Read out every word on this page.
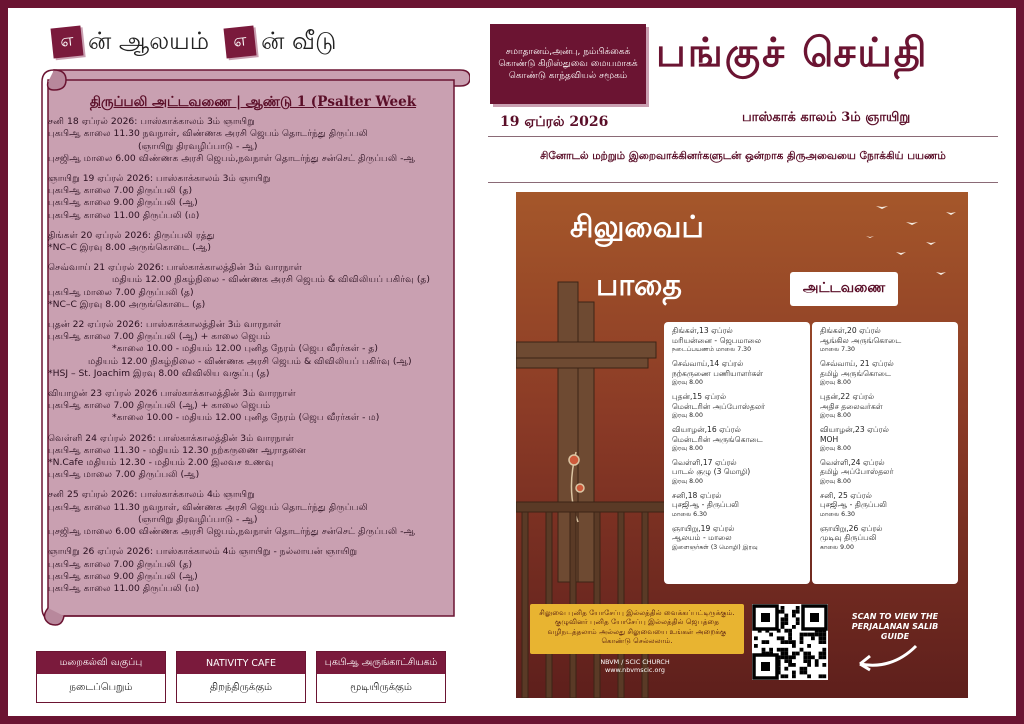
எ ன் ஆலயம்	எ ன் வீடு
திருப்பலி அட்டவணை | ஆண்டு 1 (Psalter Week
சனி 18 ஏப்ரல் 2026: பாஸ்காக்காலம் 3ம் ஞாயிறு
புகபிஆ காலை 11.30 நவநாள், விண்ணக அரசி ஜெபம் தொடர்ந்து திருப்பலி
(ஞாயிறு திரவழிப்பாடு - ஆ)
புசஜிஆ மாலை 6.00 விண்ணக அரசி ஜெபம்,நவநாள் தொடர்ந்து சன்செட் திருப்பலி -ஆ
ஞாயிறு 19 ஏப்ரல் 2026: பாஸ்காக்காலம் 3ம் ஞாயிறு
புகபிஆ காலை 7.00 திருப்பலி (த)
புகபிஆ காலை 9.00 திருப்பலி (ஆ)
புகபிஆ காலை 11.00 திருப்பலி (ம)
திங்கள் 20 ஏப்ரல் 2026: திருப்பலி ரத்து
*NC–C இரவு 8.00 அருங்கொடை (ஆ)
செவ்வாய் 21 ஏப்ரல் 2026: பாஸ்காக்காலத்தின் 3ம் வாரநாள்
மதியம் 12.00 நிகழ்நிலை - விண்ணக அரசி ஜெபம் & விவிலியப் பகிர்வு (த)
புகபிஆ மாலை 7.00 திருப்பலி (த)
*NC–C இரவு 8.00 அருங்கொடை (த)
புதன் 22 ஏப்ரல் 2026: பாஸ்காக்காலத்தின் 3ம் வாரநாள்
புகபிஆ காலை 7.00 திருப்பலி (ஆ) + காலை ஜெபம்
*காலை 10.00 - மதியம் 12.00 புனித நேரம் (ஜெப வீரர்கள் - த)
மதியம் 12.00 நிகழ்நிலை - விண்ணக அரசி ஜெபம் & விவிலியப் பகிர்வு (ஆ)
*HSJ – St. Joachim இரவு 8.00 விவிலிய வகுப்பு (த)
வியாழன் 23 ஏப்ரல் 2026 பாஸ்காக்காலத்தின் 3ம் வாரநாள்
புகபிஆ காலை 7.00 திருப்பலி (ஆ) + காலை ஜெபம்
*காலை 10.00 - மதியம் 12.00 புனித நேரம் (ஜெப வீரர்கள் - ம)
வெள்ளி 24 ஏப்ரல் 2026: பாஸ்காக்காலத்தின் 3ம் வாரநாள்
புகபிஆ காலை 11.30 - மதியம் 12.30 நற்கருணை ஆராதனை
*N.Cafe மதியம் 12.30 - மதியம் 2.00 இலவச உணவு
புகபிஆ மாலை 7.00 திருப்பலி (ஆ)
சனி 25 ஏப்ரல் 2026: பாஸ்காக்காலம் 4ம் ஞாயிறு
புகபிஆ காலை 11.30 நவநாள், விண்ணக அரசி ஜெபம் தொடர்ந்து திருப்பலி
(ஞாயிறு திரவழிப்பாடு - ஆ)
புசஜிஆ மாலை 6.00 விண்ணக அரசி ஜெபம்,நவநாள் தொடர்ந்து சன்செட் திருப்பலி -ஆ
ஞாயிறு 26 ஏப்ரல் 2026: பாஸ்காக்காலம் 4ம் ஞாயிறு - நல்லாயன் ஞாயிறு
புகபிஆ காலை 7.00 திருப்பலி (த)
புகபிஆ காலை 9.00 திருப்பலி (ஆ)
புகபிஆ காலை 11.00 திருப்பலி (ம)
மறைகல்வி வகுப்பு
நடைப்பெறும்
NATIVITY CAFE
திறந்திருக்கும்
புகபிஆ அருங்காட்சியகம்
மூடியிருக்கும்
சமாதானம்,அன்பு, நம்பிக்கைக் கொண்டு கிறிஸ்துவை மையமாகக் கொண்டு காந்தவியல் சமூகம் பங்குச் செய்தி
19 ஏப்ரல் 2026	பாஸ்காக் காலம் 3ம் ஞாயிறு
சினோடல் மற்றும் இறைவாக்கினர்களுடன் ஒன்றாக திருஅவையை நோக்கிய் பயணம்
சிலுவைப்
பாதை	அட்டவணை
திங்கள்,13 ஏப்ரல்
மரியன்னை - ஜெபமாலை
நடைப்பயணம் மாலை 7.30
செவ்வாய்,14 ஏப்ரல்
நற்கருணை பணியாளர்கள்
இரவு 8.00
புதன்,15 ஏப்ரல்
மென்டரின் அப்போஸ்தலர்
இரவு 8.00
வியாழன்,16 ஏப்ரல்
மென்டரின் அருங்கொடை
இரவு 8.00
வெள்ளி,17 ஏப்ரல்
பாடல் குழு (3 மொழி)
இரவு 8.00
சனி,18 ஏப்ரல்
புசஜிஆ - திருப்பலி
மாலை 6.30
ஞாயிறு,19 ஏப்ரல்
ஆலயம் - மாலை
இளைஞர்கள் (3 மொழி) இரவு
திங்கள்,20 ஏப்ரல்
ஆங்கில அருங்கொடை
மாலை 7.30
செவ்வாய், 21 ஏப்ரல்
தமிழ் அருங்கொடை
இரவு 8.00
புதன்,22 ஏப்ரல்
அதிச தலைவர்கள்
இரவு 8.00
வியாழன்,23 ஏப்ரல்
MOH
இரவு 8.00
வெள்ளி,24 ஏப்ரல்
தமிழ் அப்போஸ்தலர்
இரவு 8.00
சனி, 25 ஏப்ரல்
புசஜிஆ - திருப்பலி
மாலை 6.30
ஞாயிறு,26 ஏப்ரல்
முடிவு திருப்பலி
காலை 9.00
சிலுவை புனித யோசேப்பு இல்லத்தில் வைக்கப்பட்டிருக்கும். குழுவினர் புனித யோசேப்பு இல்லத்தில் ஜெபத்தை வழிநடத்தலாம் அல்லது சிலுவையை உங்கள் அறைக்கு கொண்டு செல்லலாம்.
SCAN TO VIEW THE PERJALANAN SALIB GUIDE
NBVM / SCIC CHURCH
www.nbvmscic.org
